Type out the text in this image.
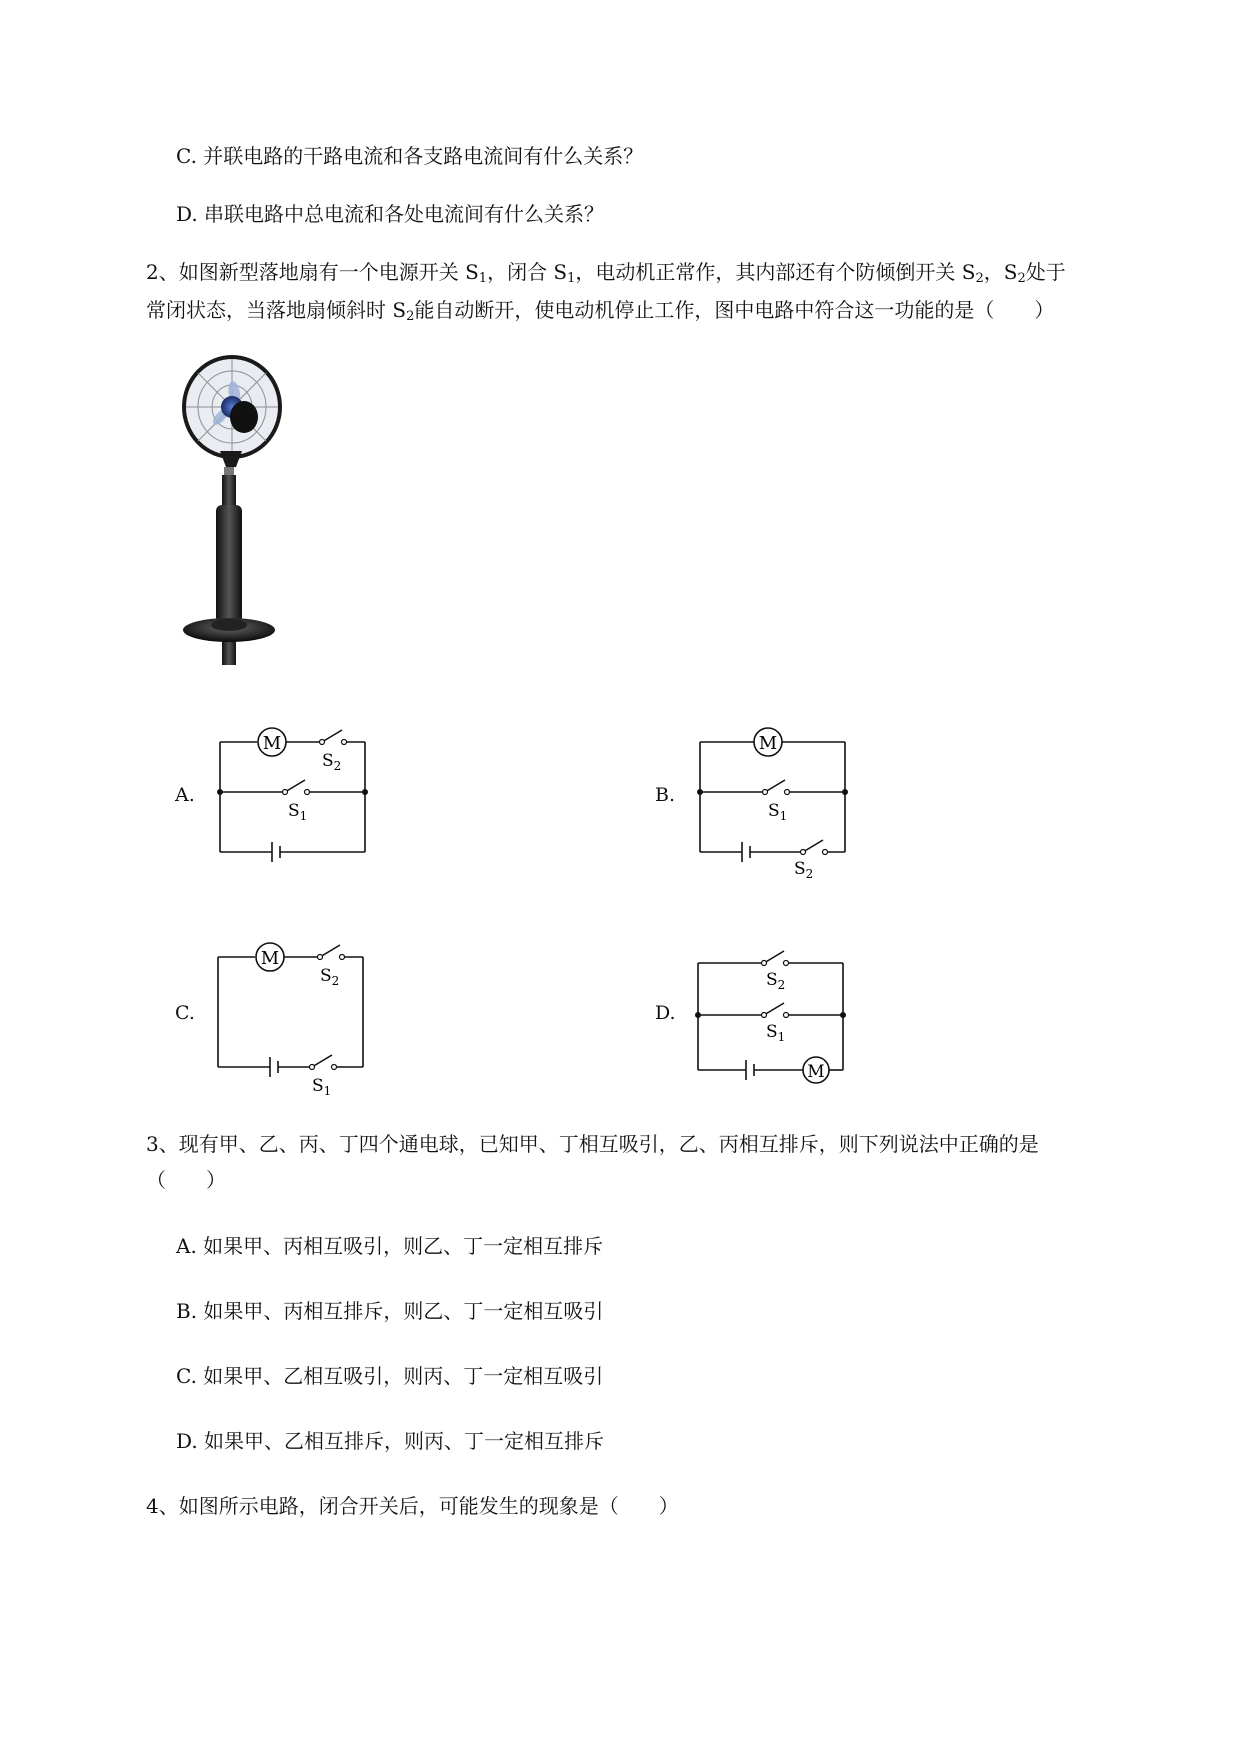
C. 并联电路的干路电流和各支路电流间有什么关系？
D. 串联电路中总电流和各处电流间有什么关系？
2、如图新型落地扇有一个电源开关 $S_1$，闭合 $S_1$，电动机正常作，其内部还有个防倾倒开关 $S_2$，$S_2$处于
常闭状态，当落地扇倾斜时 $S_2$能自动断开，使电动机停止工作，图中电路中符合这一功能的是（　　）
A.	B.
C.	D.
M
$S_2$
$S_1$
M
$S_1$
$S_2$
M
$S_2$
$S_1$
M
$S_2$
$S_1$
3、现有甲、乙、丙、丁四个通电球，已知甲、丁相互吸引，乙、丙相互排斥，则下列说法中正确的是
（　　）
A. 如果甲、丙相互吸引，则乙、丁一定相互排斥
B. 如果甲、丙相互排斥，则乙、丁一定相互吸引
C. 如果甲、乙相互吸引，则丙、丁一定相互吸引
D. 如果甲、乙相互排斥，则丙、丁一定相互排斥
4、如图所示电路，闭合开关后，可能发生的现象是（　　）
